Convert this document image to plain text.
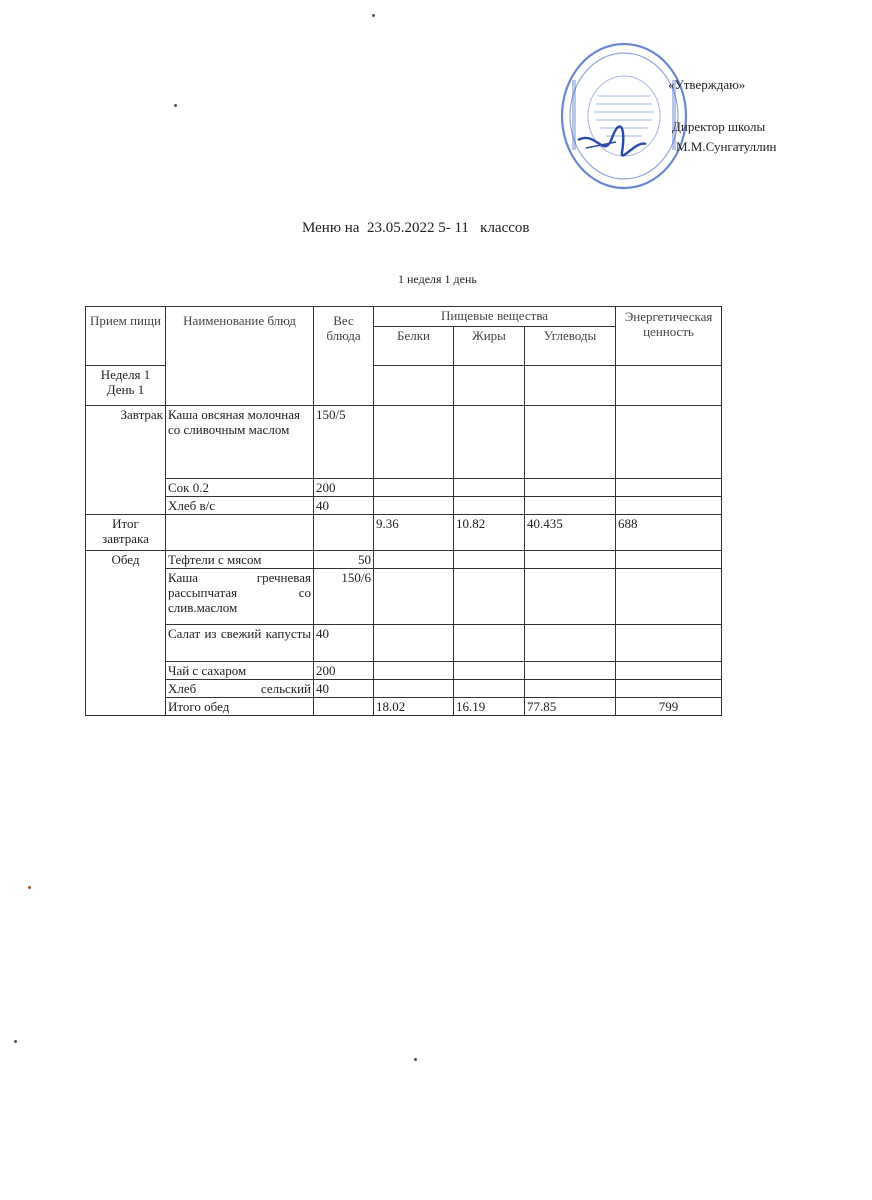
«Утверждаю»
Директор школы
М.М.Сунгатуллин
Меню на  23.05.2022 5- 11   классов
1 неделя 1 день
Прием пищи	Наименование блюд	Вес блюда	Пищевые вещества			Энергетическая ценность
			Белки	Жиры	Углеводы	
Неделя 1 День 1						
Завтрак	Каша овсяная молочная со сливочным маслом	150/5				
	Сок 0.2	200				
	Хлеб в/с	40				
Итог завтрака			9.36	10.82	40.435	688
Обед	Тефтели с мясом	50				
	Каша гречневая рассыпчатая со слив.маслом	150/6				
	Салат из свежий капусты	40				
	Чай с сахаром	200				
	Хлеб сельский	40				
	Итого обед		18.02	16.19	77.85	799
